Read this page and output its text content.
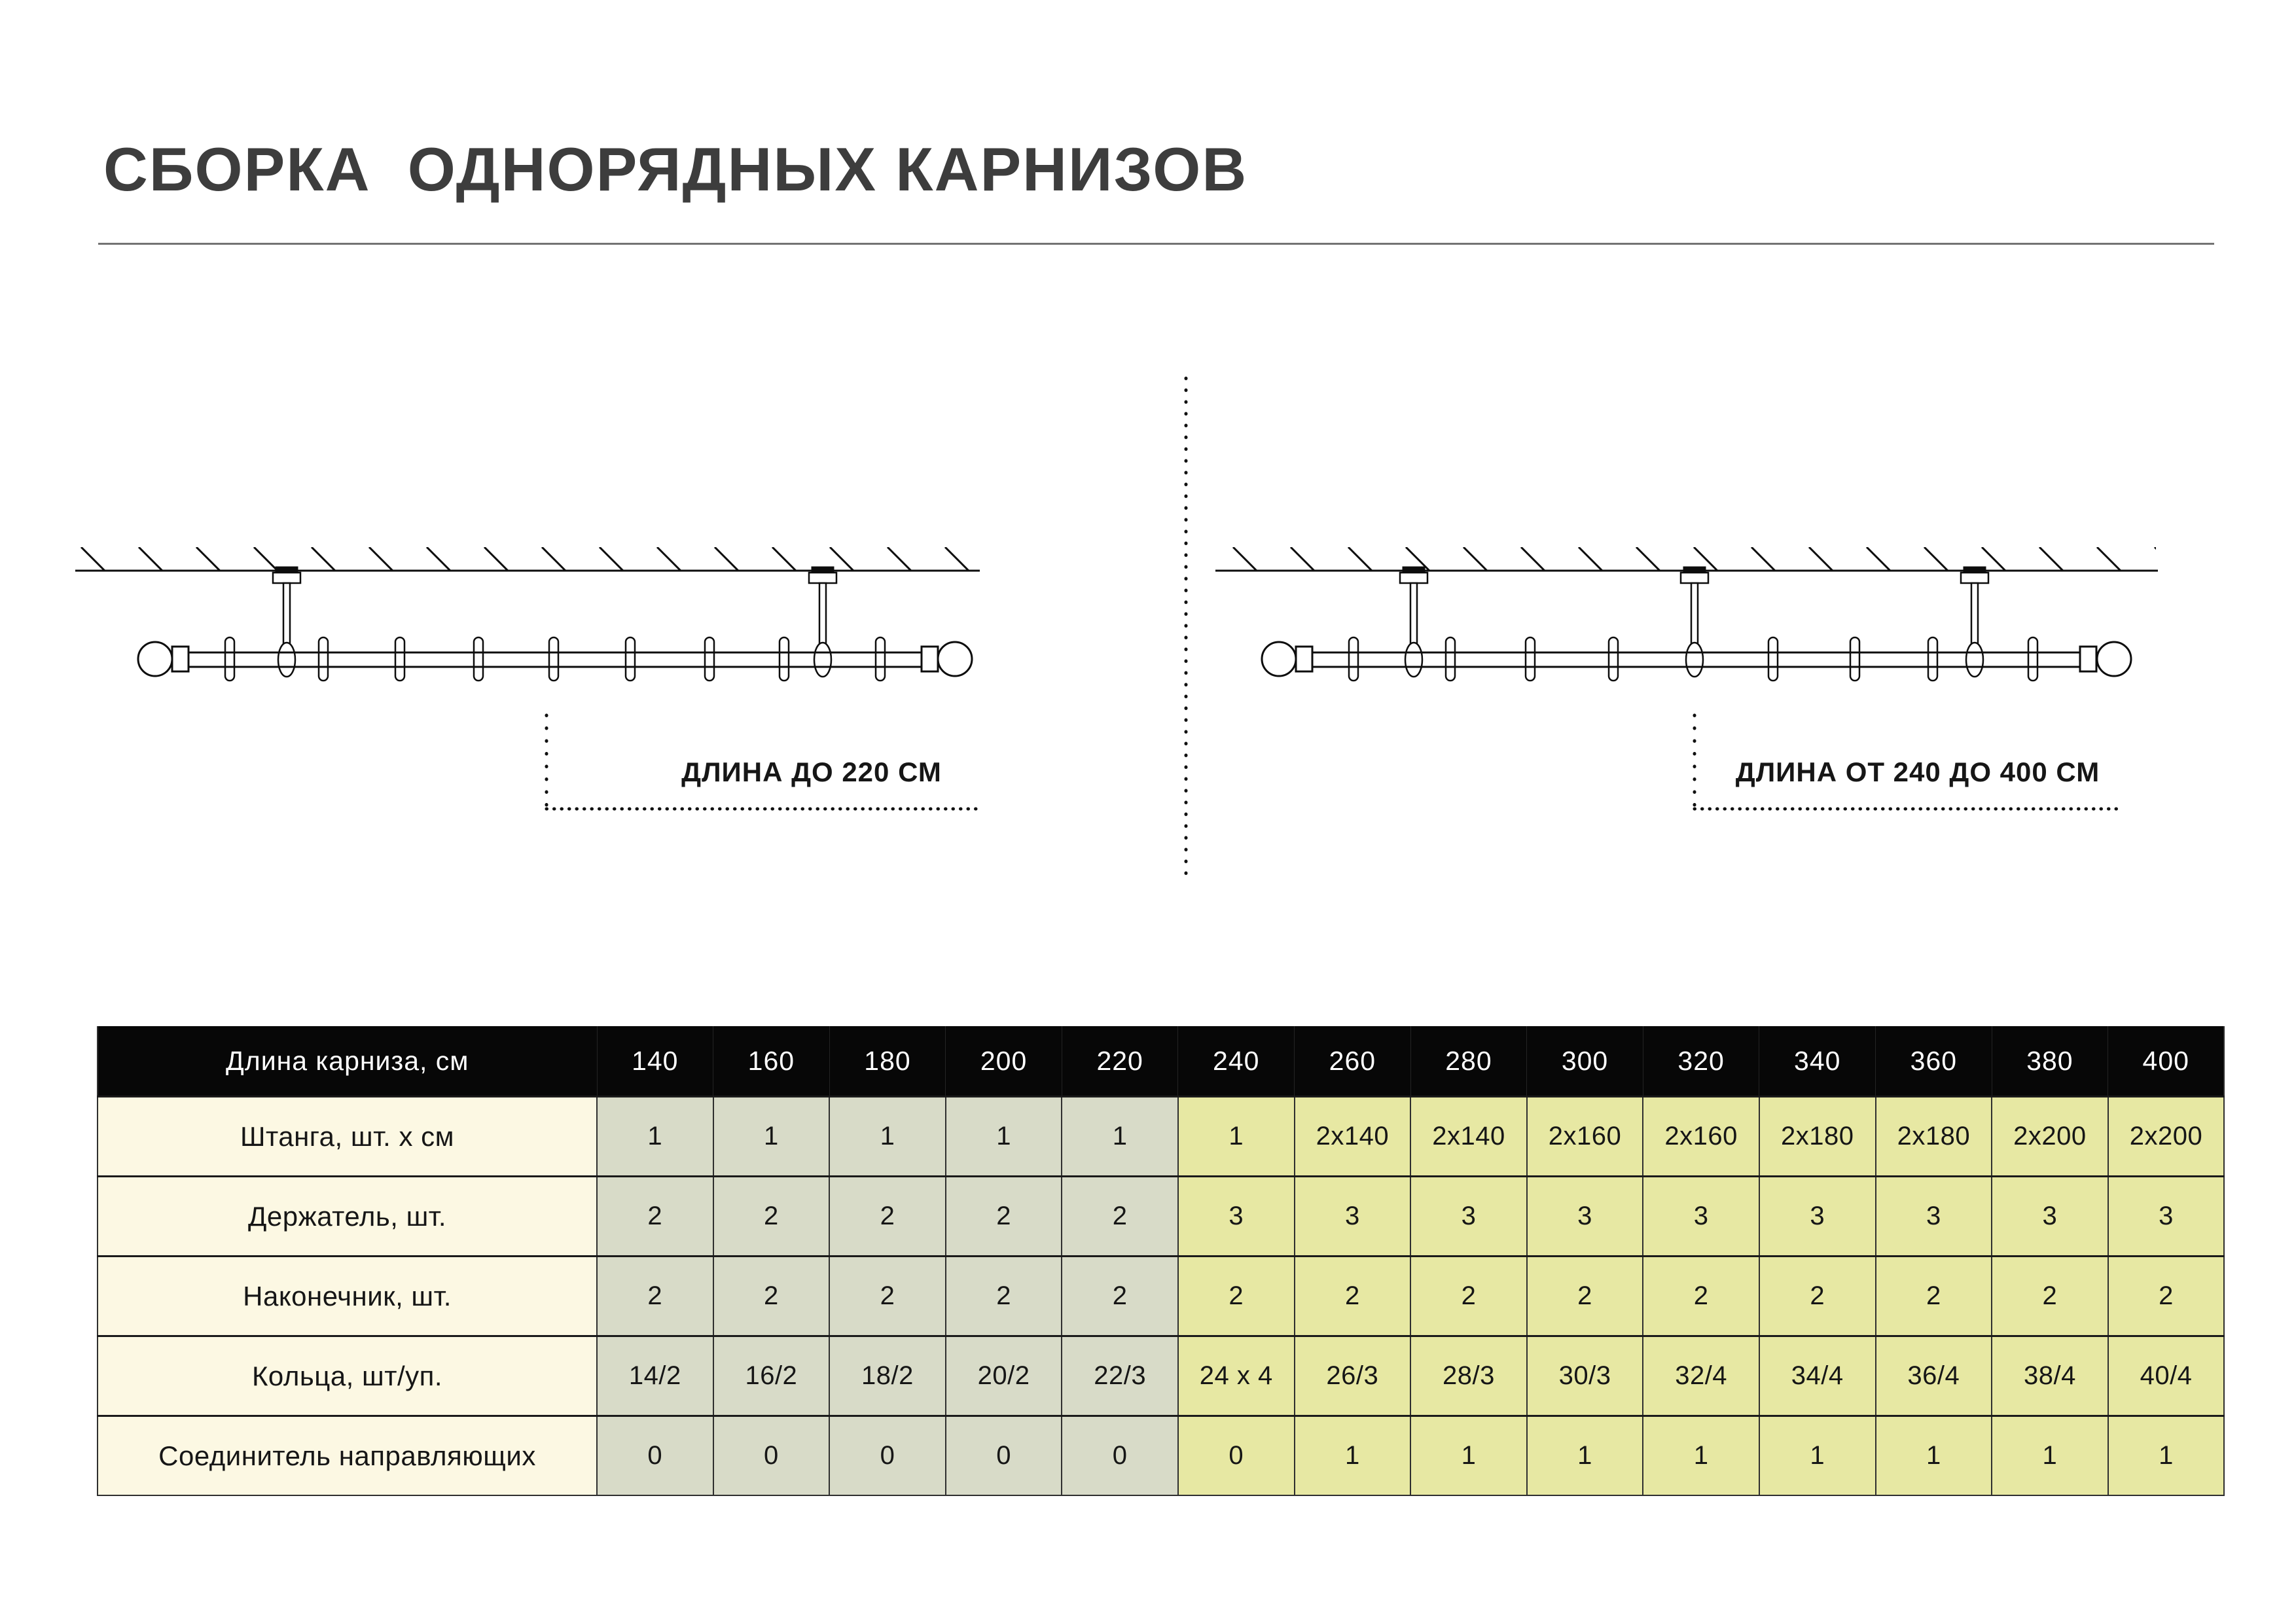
СБОРКА  ОДНОРЯДНЫХ КАРНИЗОВ
ДЛИНА ДО 220 СМ	ДЛИНА ОТ 240 ДО 400 СМ
Длина карниза, см	140	160	180	200	220	240	260	280	300	320	340	360	380	400
Штанга, шт. х см	1	1	1	1	1	1	2х140	2х140	2х160	2х160	2х180	2х180	2х200	2х200
Держатель, шт.	2	2	2	2	2	3	3	3	3	3	3	3	3	3
Наконечник, шт.	2	2	2	2	2	2	2	2	2	2	2	2	2	2
Кольца, шт/уп.	14/2	16/2	18/2	20/2	22/3	24 х 4	26/3	28/3	30/3	32/4	34/4	36/4	38/4	40/4
Соединитель направляющих	0	0	0	0	0	0	1	1	1	1	1	1	1	1
